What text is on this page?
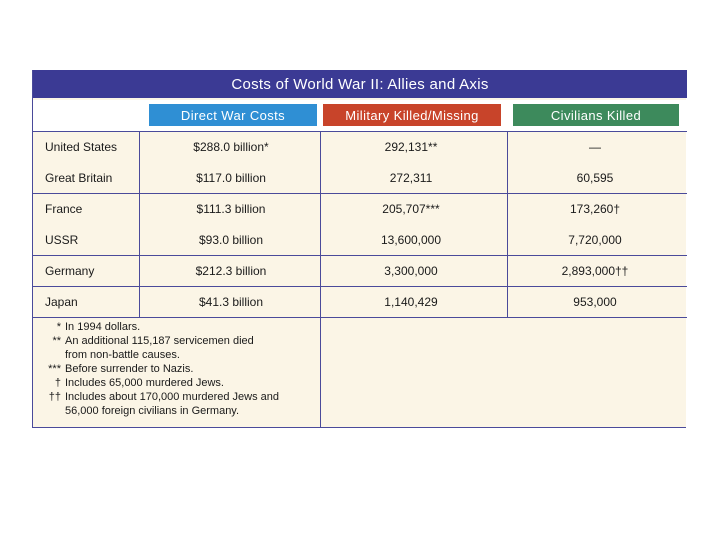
Costs of World War II: Allies and Axis
Direct War Costs	Military Killed/Missing	Civilians Killed
United States	$288.0 billion*	292,131**	—
Great Britain	$117.0 billion	272,311	60,595
France	$111.3 billion	205,707***	173,260†
USSR	$93.0 billion	13,600,000	7,720,000
Germany	$212.3 billion	3,300,000	2,893,000††
Japan	$41.3 billion	1,140,429	953,000
* In 1994 dollars.
** An additional 115,187 servicemen died
from non-battle causes.
*** Before surrender to Nazis.
† Includes 65,000 murdered Jews.
†† Includes about 170,000 murdered Jews and
56,000 foreign civilians in Germany.
